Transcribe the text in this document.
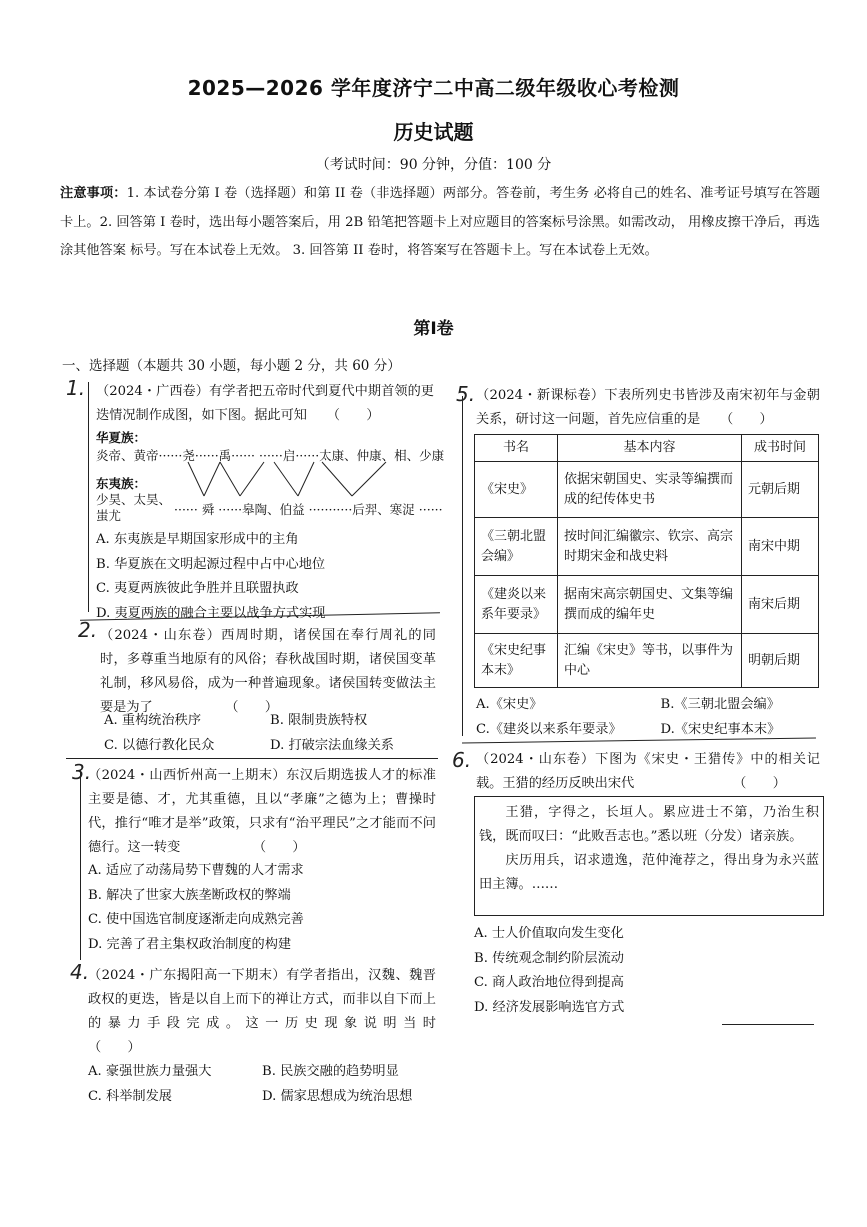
2025—2026 学年度济宁二中高二级年级收心考检测
历史试题
（考试时间：90 分钟，分值：100 分
注意事项：1. 本试卷分第 I 卷（选择题）和第 II 卷（非选择题）两部分。答卷前，考生务 必将自己的姓名、准考证号填写在答题卡上。2. 回答第 I 卷时，选出每小题答案后，用 2B 铅笔把答题卡上对应题目的答案标号涂黑。如需改动， 用橡皮擦干净后，再选涂其他答案 标号。写在本试卷上无效。 3. 回答第 II 卷时，将答案写在答题卡上。写在本试卷上无效。
第Ⅰ卷
一、选择题（本题共 30 小题，每小题 2 分，共 60 分）
1. （2024・广西卷）有学者把五帝时代到夏代中期首领的更迭情况制作成图，如下图。据此可知　　（　　）
华夏族：
炎帝、黄帝······尧······禹······ ······启······太康、仲康、相、少康
东夷族：
少昊、太昊、
蚩尤	······ 舜 ······皋陶、伯益 ···········后羿、寒浞 ······
A. 东夷族是早期国家形成中的主角
B. 华夏族在文明起源过程中占中心地位
C. 夷夏两族彼此争胜并且联盟执政
D. 夷夏两族的融合主要以战争方式实现
2. （2024・山东卷）西周时期，诸侯国在奉行周礼的同时，多尊重当地原有的风俗；春秋战国时期，诸侯国变革礼制，移风易俗，成为一种普遍现象。诸侯国转变做法主要是为了　　　　　　（　　）
A. 重构统治秩序	B. 限制贵族特权
C. 以德行教化民众	D. 打破宗法血缘关系
3.
（2024・山西忻州高一上期末）东汉后期选拔人才的标准主要是德、才，尤其重德，且以“孝廉”之德为上；曹操时代，推行“唯才是举”政策，只求有“治平理民”之才能而不问德行。这一转变　　　　　　（　　）
A. 适应了动荡局势下曹魏的人才需求
B. 解决了世家大族垄断政权的弊端
C. 使中国选官制度逐渐走向成熟完善
D. 完善了君主集权政治制度的构建
4.
（2024・广东揭阳高一下期末）有学者指出，汉魏、魏晋政权的更迭，皆是以自上而下的禅让方式，而非以自下而上的暴力手段完成。这一历史现象说明当时　　　　　　　　　　　　（　　）
A. 豪强世族力量强大	B. 民族交融的趋势明显
C. 科举制发展	D. 儒家思想成为统治思想
5. （2024・新课标卷）下表所列史书皆涉及南宋初年与金朝关系，研讨这一问题，首先应信重的是　　（　　）
书名	基本内容	成书时间
《宋史》	依据宋朝国史、实录等编撰而成的纪传体史书	元朝后期
《三朝北盟会编》	按时间汇编徽宗、钦宗、高宗时期宋金和战史料	南宋中期
《建炎以来系年要录》	据南宋高宗朝国史、文集等编撰而成的编年史	南宋后期
《宋史纪事本末》	汇编《宋史》等书，以事件为中心	明朝后期
A.《宋史》	B.《三朝北盟会编》
C.《建炎以来系年要录》	D.《宋史纪事本末》
6. （2024・山东卷）下图为《宋史・王猎传》中的相关记载。王猎的经历反映出宋代　　　　　　　　（　　）
王猎，字得之，长垣人。累应进士不第，乃治生积钱，既而叹曰：“此败吾志也。”悉以班（分发）诸亲族。
庆历用兵，诏求遗逸，范仲淹荐之，得出身为永兴蓝田主簿。……
A. 士人价值取向发生变化
B. 传统观念制约阶层流动
C. 商人政治地位得到提高
D. 经济发展影响选官方式
